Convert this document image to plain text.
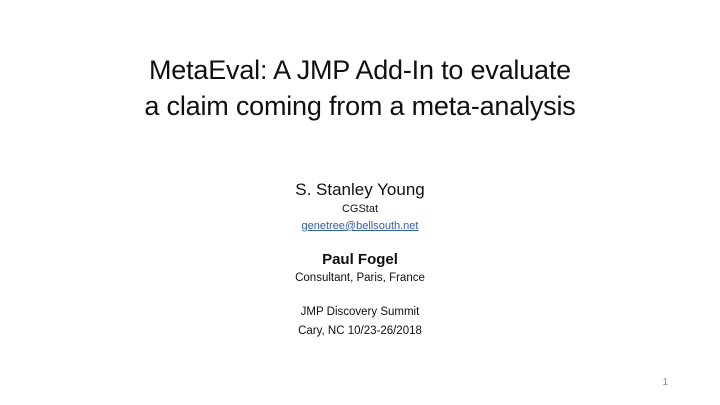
MetaEval: A JMP Add-In to evaluate
a claim coming from a meta-analysis
S. Stanley Young
CGStat
genetree@bellsouth.net
Paul Fogel
Consultant, Paris, France
JMP Discovery Summit
Cary, NC 10/23-26/2018
1
